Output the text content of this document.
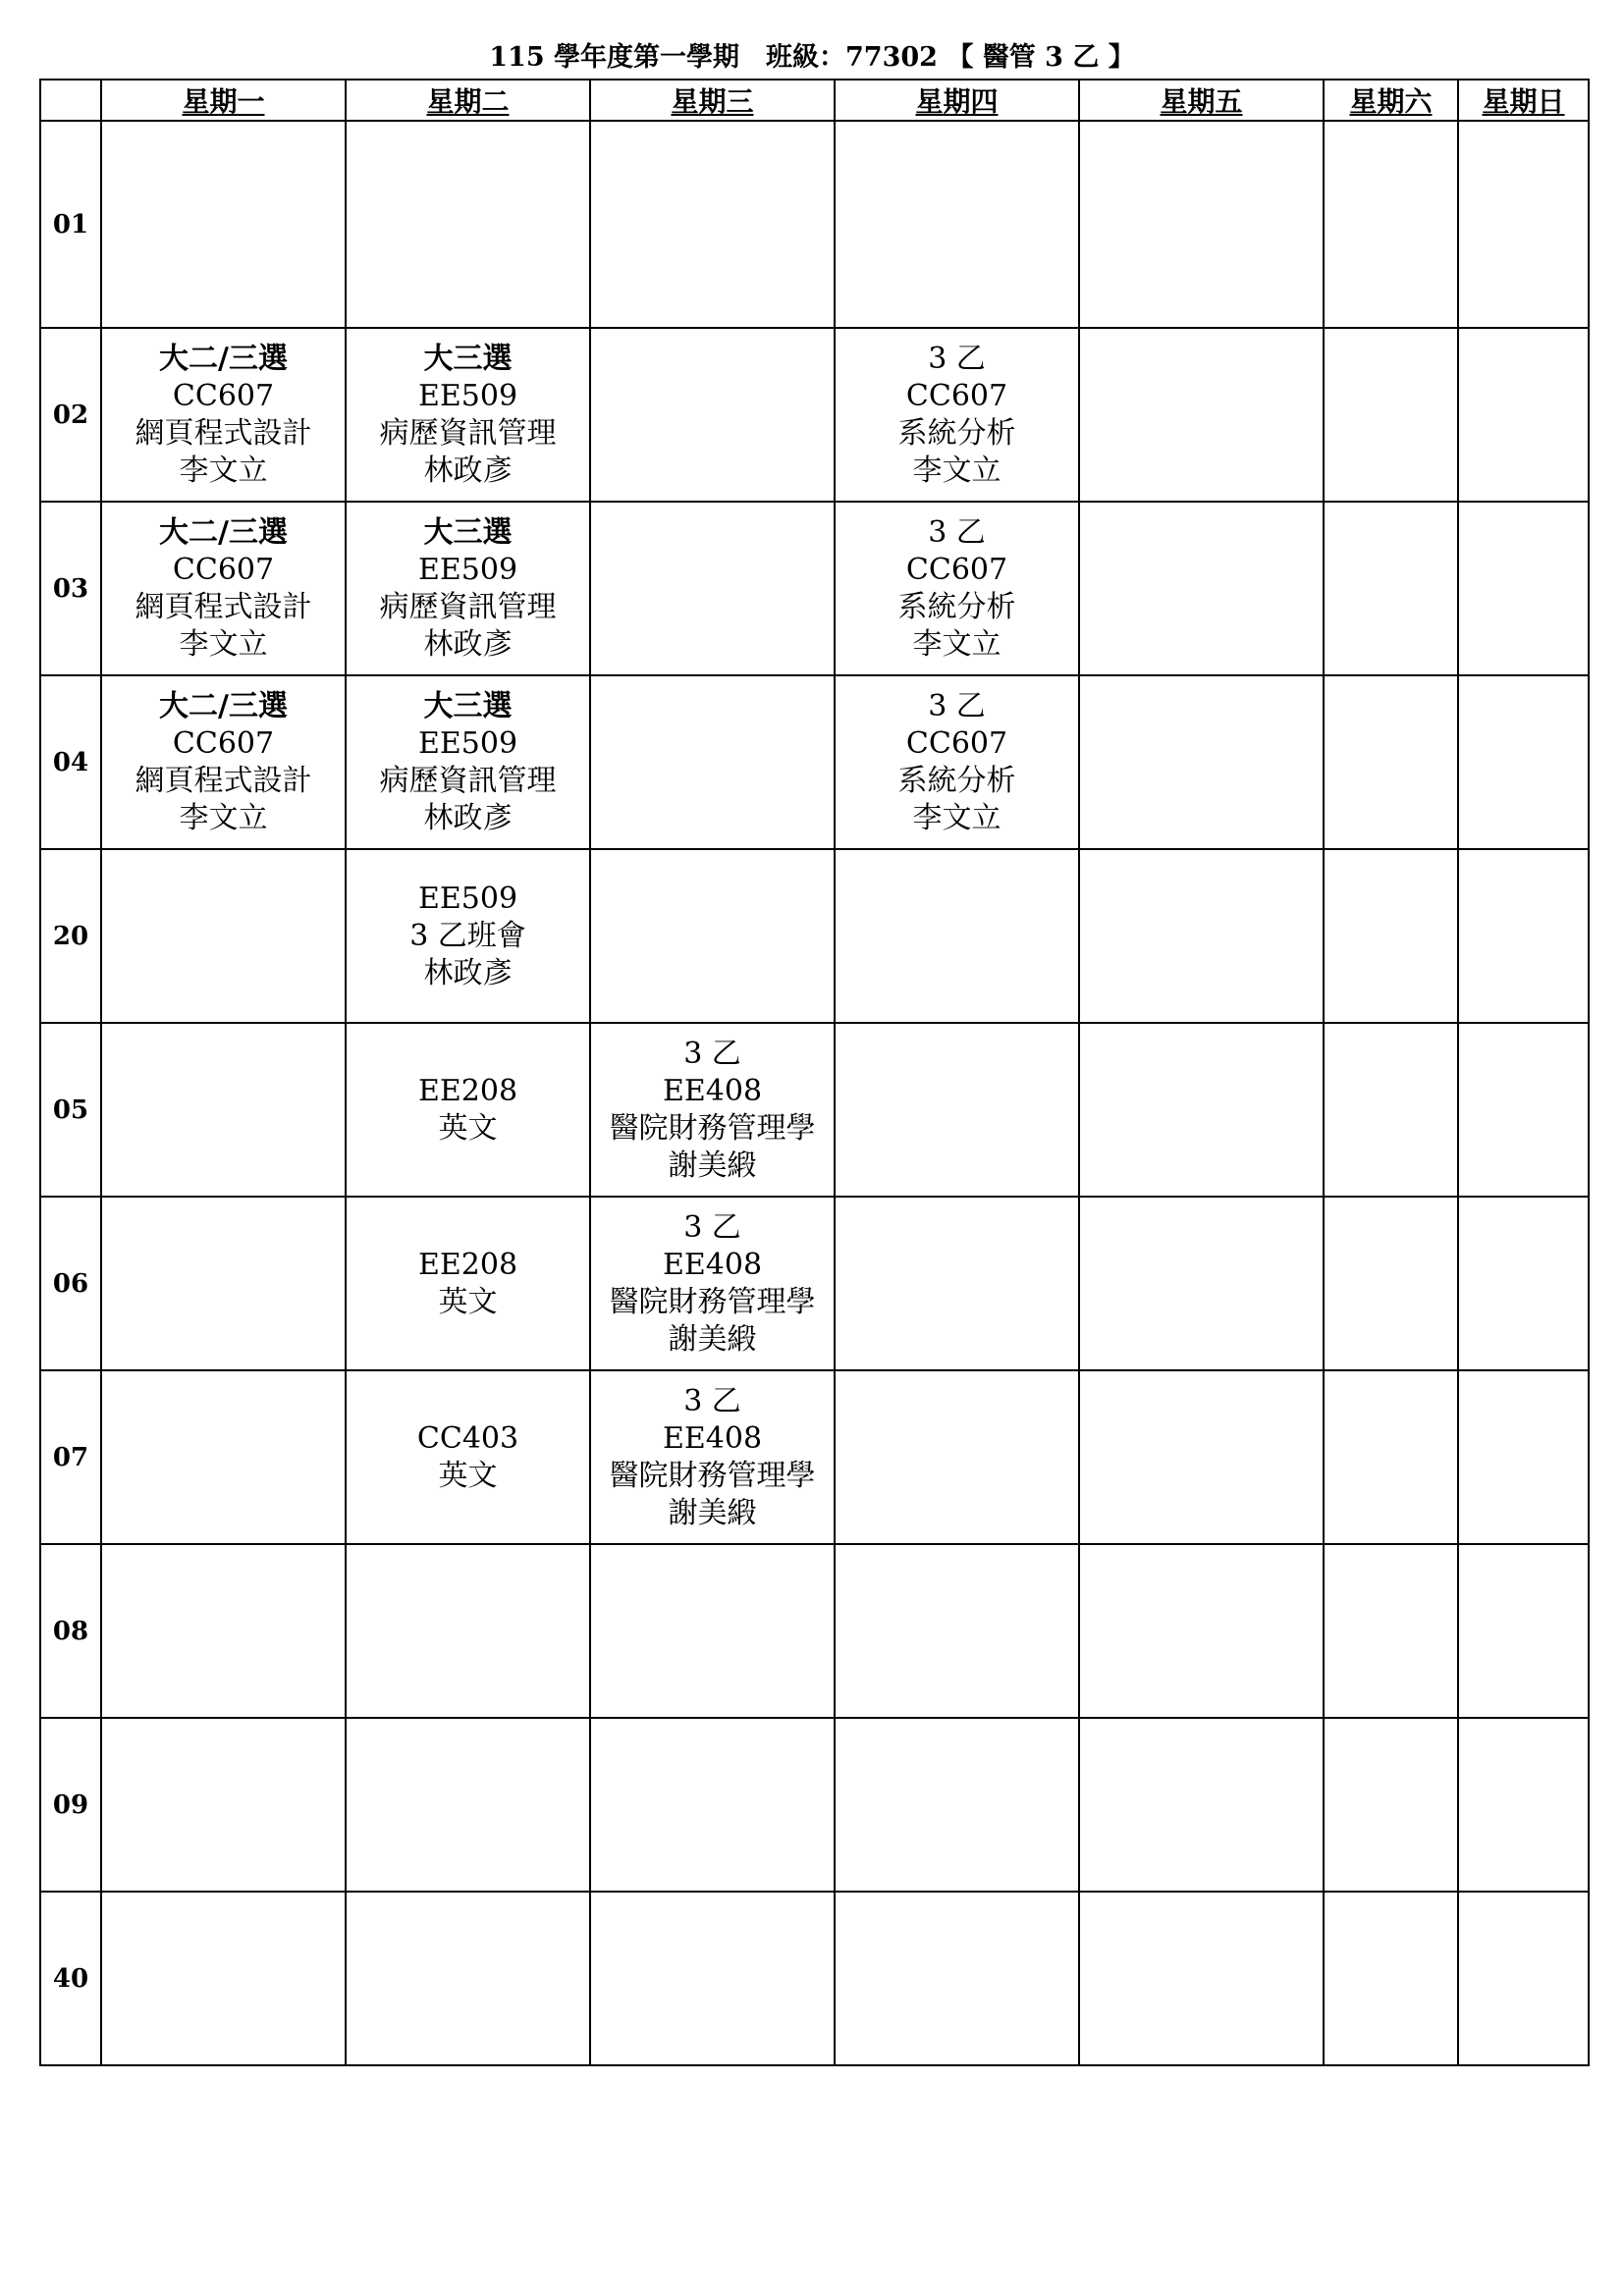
115 學年度第一學期　班級：77302 【 醫管 3 乙 】
	星期一	星期二	星期三	星期四	星期五	星期六	星期日
01							
02	大二/三選
CC607
網頁程式設計
李文立	大三選
EE509
病歷資訊管理
林政彥		3 乙
CC607
系統分析
李文立			

03	大二/三選
CC607
網頁程式設計
李文立	大三選
EE509
病歷資訊管理
林政彥		3 乙
CC607
系統分析
李文立			

04	大二/三選
CC607
網頁程式設計
李文立	大三選
EE509
病歷資訊管理
林政彥		3 乙
CC607
系統分析
李文立			

20		EE509
3 乙班會
林政彥					

05		EE208
英文	3 乙
EE408
醫院財務管理學
謝美緞				

06		EE208
英文	3 乙
EE408
醫院財務管理學
謝美緞				

07		CC403
英文	3 乙
EE408
醫院財務管理學
謝美緞				

08							
09							
40							
